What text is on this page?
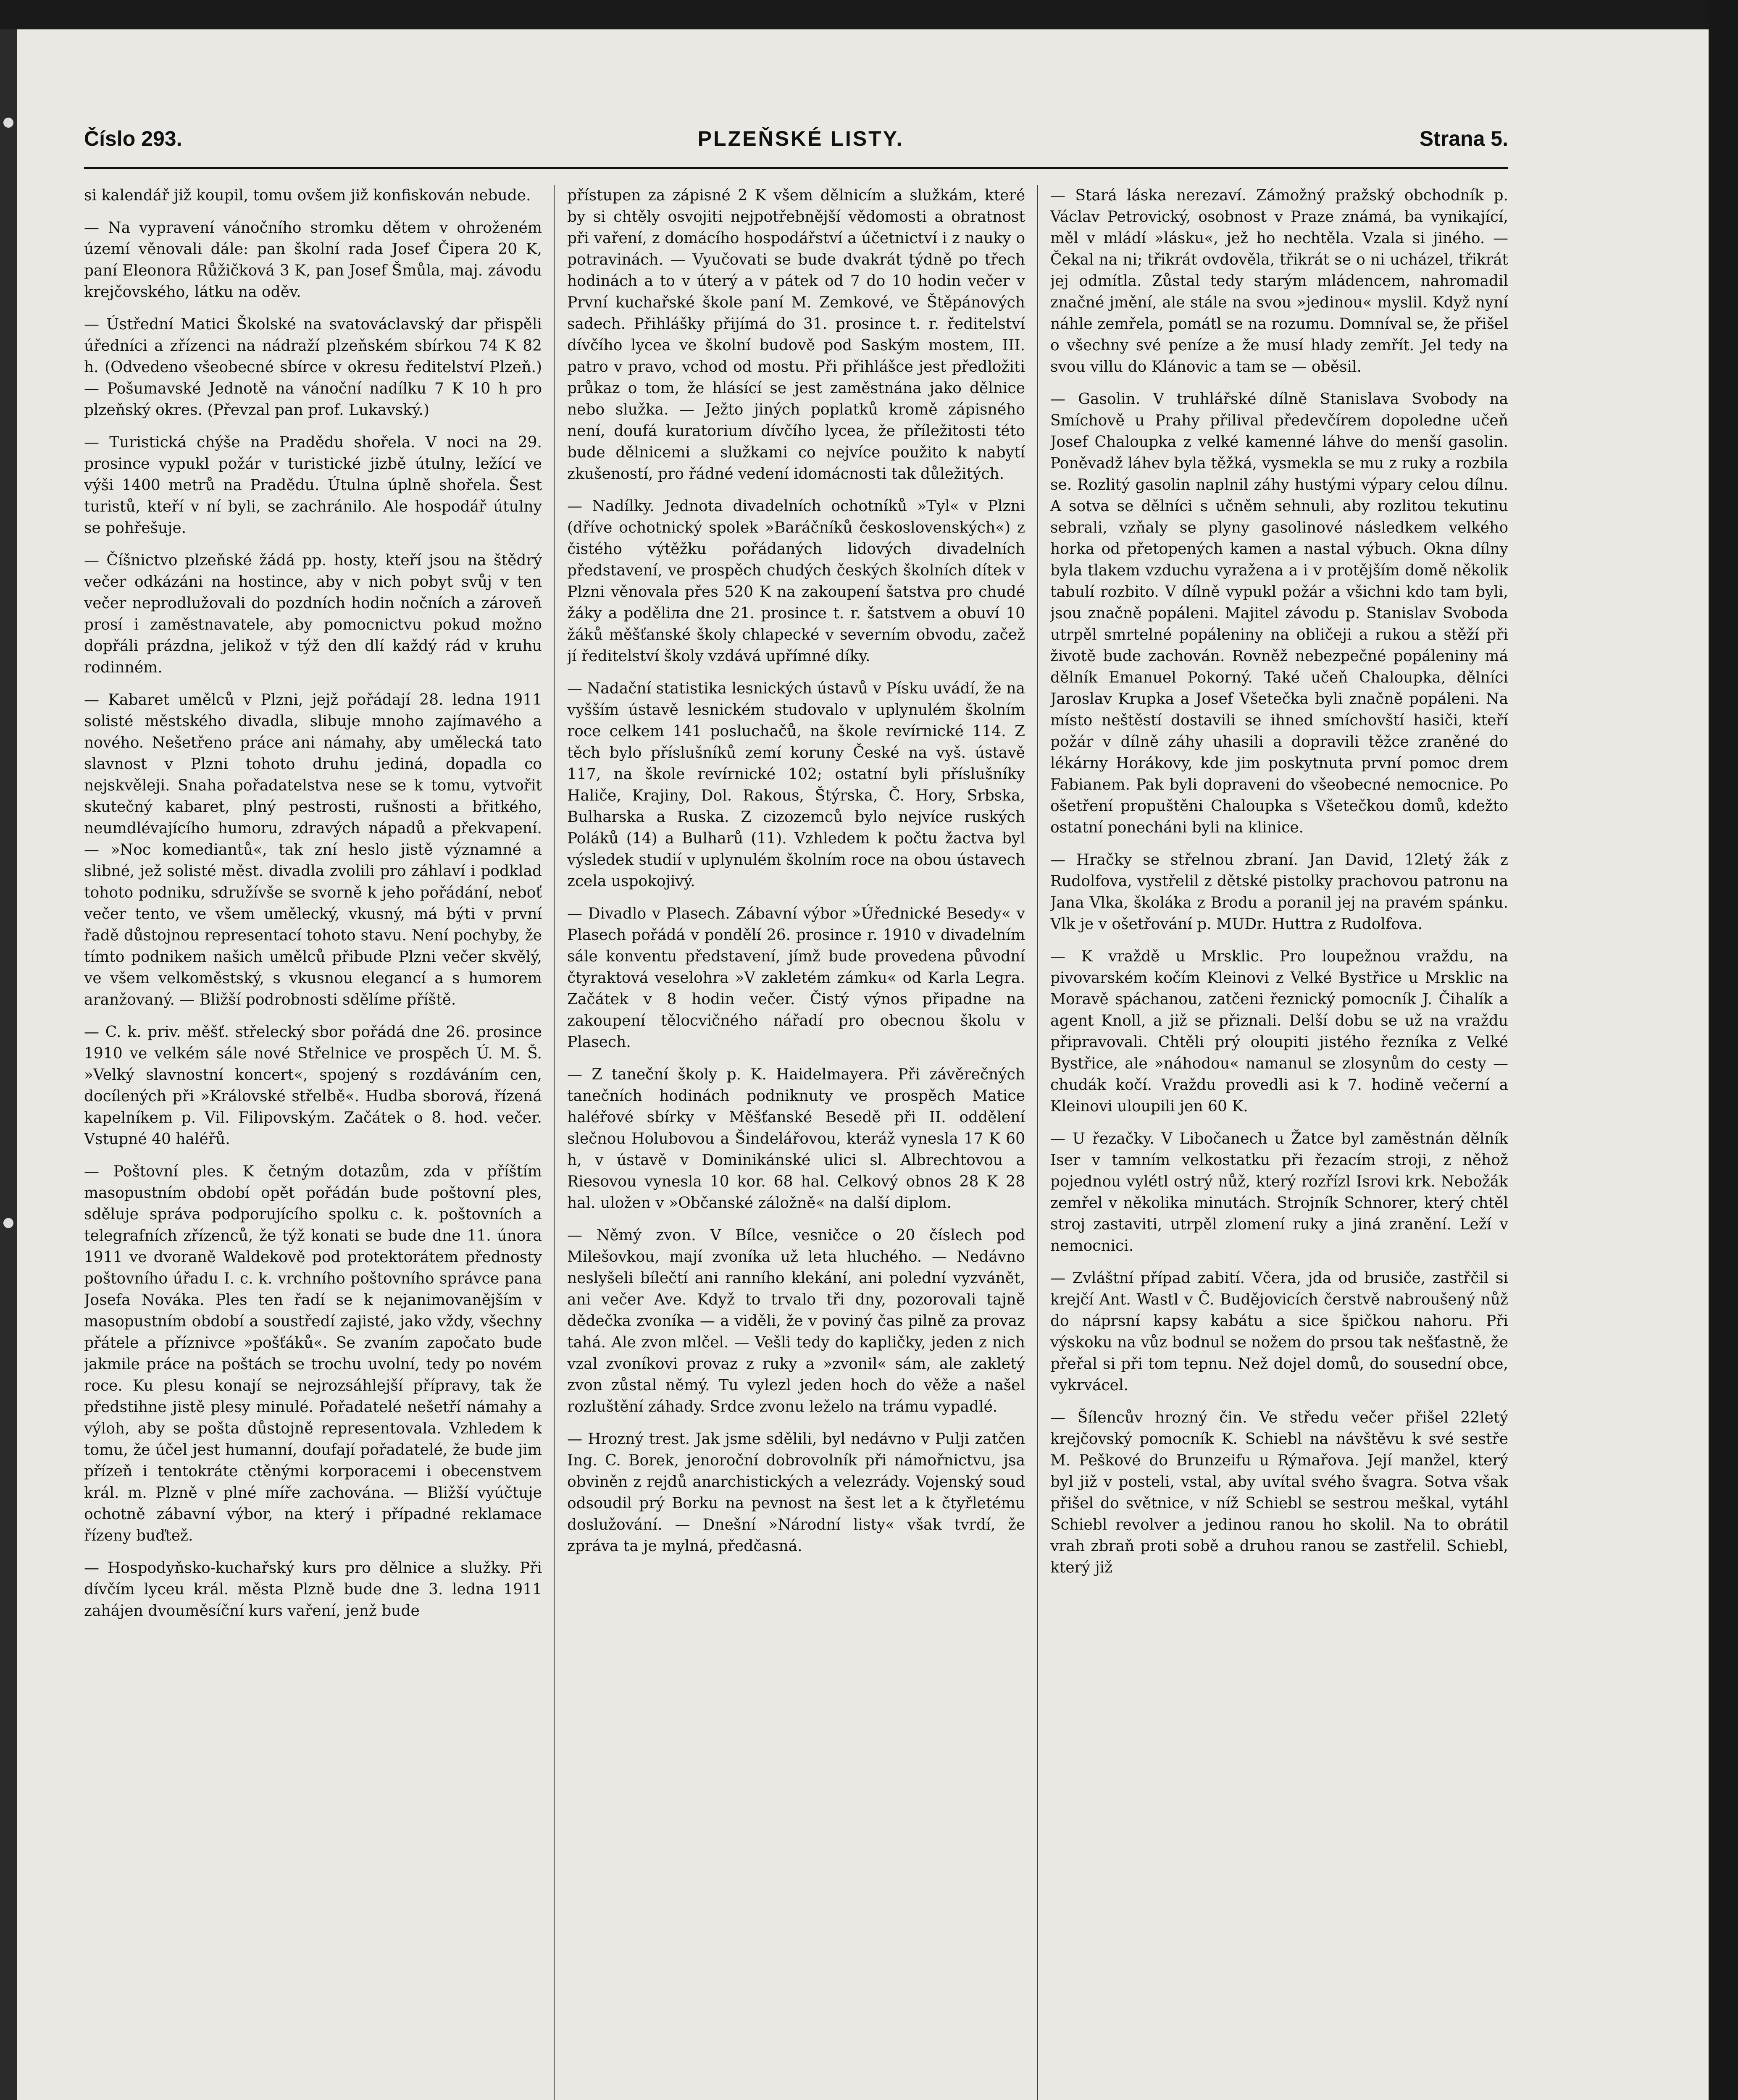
Číslo 293.	PLZEŇSKÉ LISTY.	Strana 5.

si kalendář již koupil, tomu ovšem již konfiskován nebude.

— Na vypravení vánočního stromku dětem v ohroženém území věnovali dále: pan školní rada Josef Čipera 20 K, paní Eleonora Růžičková 3 K, pan Josef Šmůla, maj. závodu krejčovského, látku na oděv.

— Ústřední Matici Školské na svatováclavský dar přispěli úředníci a zřízenci na nádraží plzeňském sbírkou 74 K 82 h. (Odvedeno všeobecné sbírce v okresu ředitelství Plzeň.) — Pošumavské Jednotě na vánoční nadílku 7 K 10 h pro plzeňský okres. (Převzal pan prof. Lukavský.)

— Turistická chýše na Pradědu shořela. V noci na 29. prosince vypukl požár v turistické jizbě útulny, ležící ve výši 1400 metrů na Pradědu. Útulna úplně shořela. Šest turistů, kteří v ní byli, se zachránilo. Ale hospodář útulny se pohřešuje.

— Číšnictvo plzeňské žádá pp. hosty, kteří jsou na štědrý večer odkázáni na hostince, aby v nich pobyt svůj v ten večer neprodlužovali do pozdních hodin nočních a zároveň prosí i zaměstnavatele, aby pomocnictvu pokud možno dopřáli prázdna, jelikož v týž den dlí každý rád v kruhu rodinném.

— Kabaret umělců v Plzni, jejž pořádají 28. ledna 1911 solisté městského divadla, slibuje mnoho zajímavého a nového. Nešetřeno práce ani námahy, aby umělecká tato slavnost v Plzni tohoto druhu jediná, dopadla co nejskvěleji. Snaha pořadatelstva nese se k tomu, vytvořit skutečný kabaret, plný pestrosti, rušnosti a břitkého, neumdlévajícího humoru, zdravých nápadů a překvapení. — »Noc komediantů«, tak zní heslo jistě významné a slibné, jež solisté měst. divadla zvolili pro záhlaví i podklad tohoto podniku, sdružívše se svorně k jeho pořádání, neboť večer tento, ve všem umělecký, vkusný, má býti v první řadě důstojnou representací tohoto stavu. Není pochyby, že tímto podnikem našich umělců přibude Plzni večer skvělý, ve všem velkoměstský, s vkusnou elegancí a s humorem aranžovaný. — Bližší podrobnosti sdělíme příště.

— C. k. priv. měšť. střelecký sbor pořádá dne 26. prosince 1910 ve velkém sále nové Střelnice ve prospěch Ú. M. Š. »Velký slavnostní koncert«, spojený s rozdáváním cen, docílených při »Královské střelbě«. Hudba sborová, řízená kapelníkem p. Vil. Filipovským. Začátek o 8. hod. večer. Vstupné 40 haléřů.

— Poštovní ples. K četným dotazům, zda v příštím masopustním období opět pořádán bude poštovní ples, sděluje správa podporujícího spolku c. k. poštovních a telegrafních zřízenců, že týž konati se bude dne 11. února 1911 ve dvoraně Waldekově pod protektorátem přednosty poštovního úřadu I. c. k. vrchního poštovního správce pana Josefa Nováka. Ples ten řadí se k nejanimovanějším v masopustním období a soustředí zajisté, jako vždy, všechny přátele a příznivce »pošťáků«. Se zvaním započato bude jakmile práce na poštách se trochu uvolní, tedy po novém roce. Ku plesu konají se nejrozsáhlejší přípravy, tak že předstihne jistě plesy minulé. Pořadatelé nešetří námahy a výloh, aby se pošta důstojně representovala. Vzhledem k tomu, že účel jest humanní, doufají pořadatelé, že bude jim přízeň i tentokráte ctěnými korporacemi i obecenstvem král. m. Plzně v plné míře zachována. — Bližší vyúčtuje ochotně zábavní výbor, na který i případné reklamace řízeny buďtež.

— Hospodyňsko-kuchařský kurs pro dělnice a služky. Při dívčím lyceu král. města Plzně bude dne 3. ledna 1911 zahájen dvouměsíční kurs vaření, jenž bude

přístupen za zápisné 2 K všem dělnicím a služkám, které by si chtěly osvojiti nejpotřebnější vědomosti a obratnost při vaření, z domácího hospodářství a účetnictví i z nauky o potravinách. — Vyučovati se bude dvakrát týdně po třech hodinách a to v úterý a v pátek od 7 do 10 hodin večer v První kuchařské škole paní M. Zemkové, ve Štěpánových sadech. Přihlášky přijímá do 31. prosince t. r. ředitelství dívčího lycea ve školní budově pod Saským mostem, III. patro v pravo, vchod od mostu. Při přihlášce jest předložiti průkaz o tom, že hlásící se jest zaměstnána jako dělnice nebo služka. — Ježto jiných poplatků kromě zápisného není, doufá kuratorium dívčího lycea, že příležitosti této bude dělnicemi a služkami co nejvíce použito k nabytí zkušeností, pro řádné vedení idomácnosti tak důležitých.

— Nadílky. Jednota divadelních ochotníků »Tyl« v Plzni (dříve ochotnický spolek »Baráčníků československých«) z čistého výtěžku pořádaných lidových divadelních představení, ve prospěch chudých českých školních dítek v Plzni věnovala přes 520 K na zakoupení šatstva pro chudé žáky a poděliла dne 21. prosince t. r. šatstvem a obuví 10 žáků měšťanské školy chlapecké v severním obvodu, začež jí ředitelství školy vzdává upřímné díky.

— Nadační statistika lesnických ústavů v Písku uvádí, že na vyšším ústavě lesnickém studovalo v uplynulém školním roce celkem 141 posluchačů, na škole revírnické 114. Z těch bylo příslušníků zemí koruny České na vyš. ústavě 117, na škole revírnické 102; ostatní byli příslušníky Haliče, Krajiny, Dol. Rakous, Štýrska, Č. Hory, Srbska, Bulharska a Ruska. Z cizozemců bylo nejvíce ruských Poláků (14) a Bulharů (11). Vzhledem k počtu žactva byl výsledek studií v uplynulém školním roce na obou ústavech zcela uspokojivý.

— Divadlo v Plasech. Zábavní výbor »Úřednické Besedy« v Plasech pořádá v pondělí 26. prosince r. 1910 v divadelním sále konventu představení, jímž bude provedena původní čtyraktová veselohra »V zakletém zámku« od Karla Legra. Začátek v 8 hodin večer. Čistý výnos připadne na zakoupení tělocvičného nářadí pro obecnou školu v Plasech.

— Z taneční školy p. K. Haidelmayera. Při závěrečných tanečních hodinách podniknuty ve prospěch Matice haléřové sbírky v Měšťanské Besedě při II. oddělení slečnou Holubovou a Šindelářovou, kteráž vynesla 17 K 60 h, v ústavě v Dominikánské ulici sl. Albrechtovou a Riesovou vynesla 10 kor. 68 hal. Celkový obnos 28 K 28 hal. uložen v »Občanské záložně« na další diplom.

— Němý zvon. V Bílce, vesničce o 20 číslech pod Milešovkou, mají zvoníka už leta hluchého. — Nedávno neslyšeli bílečtí ani ranního klekání, ani polední vyzvánět, ani večer Ave. Když to trvalo tři dny, pozorovali tajně dědečka zvoníka — a viděli, že v poviný čas pilně za provaz tahá. Ale zvon mlčel. — Vešli tedy do kapličky, jeden z nich vzal zvoníkovi provaz z ruky a »zvonil« sám, ale zakletý zvon zůstal němý. Tu vylezl jeden hoch do věže a našel rozluštění záhady. Srdce zvonu leželo na trámu vypadlé.

— Hrozný trest. Jak jsme sdělili, byl nedávno v Pulji zatčen Ing. C. Borek, jenoroční dobrovolník při námořnictvu, jsa obviněn z rejdů anarchistických a velezrády. Vojenský soud odsoudil prý Borku na pevnost na šest let a k čtyřletému doslužování. — Dnešní »Národní listy« však tvrdí, že zpráva ta je mylná, předčasná.

— Stará láska nerezaví. Zámožný pražský obchodník p. Václav Petrovický, osobnost v Praze známá, ba vynikající, měl v mládí »lásku«, jež ho nechtěla. Vzala si jiného. — Čekal na ni; třikrát ovdověla, třikrát se o ni ucházel, třikrát jej odmítla. Zůstal tedy starým mládencem, nahromadil značné jmění, ale stále na svou »jedinou« myslil. Když nyní náhle zemřela, pomátl se na rozumu. Domníval se, že přišel o všechny své peníze a že musí hlady zemřít. Jel tedy na svou villu do Klánovic a tam se — oběsil.

— Gasolin. V truhlářské dílně Stanislava Svobody na Smíchově u Prahy přilival předevčírem dopoledne učeň Josef Chaloupka z velké kamenné láhve do menší gasolin. Poněvadž láhev byla těžká, vysmekla se mu z ruky a rozbila se. Rozlitý gasolin naplnil záhy hustými výpary celou dílnu. A sotva se dělníci s učněm sehnuli, aby rozlitou tekutinu sebrali, vzňaly se plyny gasolinové následkem velkého horka od přetopených kamen a nastal výbuch. Okna dílny byla tlakem vzduchu vyražena a i v protějším domě několik tabulí rozbito. V dílně vypukl požár a všichni kdo tam byli, jsou značně popáleni. Majitel závodu p. Stanislav Svoboda utrpěl smrtelné popáleniny na obličeji a rukou a stěží při životě bude zachován. Rovněž nebezpečné popáleniny má dělník Emanuel Pokorný. Také učeň Chaloupka, dělníci Jaroslav Krupka a Josef Všetečka byli značně popáleni. Na místo neštěstí dostavili se ihned smíchovští hasiči, kteří požár v dílně záhy uhasili a dopravili těžce zraněné do lékárny Horákovy, kde jim poskytnuta první pomoc drem Fabianem. Pak byli dopraveni do všeobecné nemocnice. Po ošetření propuštěni Chaloupka s Všetečkou domů, kdežto ostatní ponecháni byli na klinice.

— Hračky se střelnou zbraní. Jan David, 12letý žák z Rudolfova, vystřelil z dětské pistolky prachovou patronu na Jana Vlka, školáka z Brodu a poranil jej na pravém spánku. Vlk je v ošetřování p. MUDr. Huttra z Rudolfova.

— K vraždě u Mrsklic. Pro loupežnou vraždu, na pivovarském kočím Kleinovi z Velké Bystřice u Mrsklic na Moravě spáchanou, zatčeni řeznický pomocník J. Čihalík a agent Knoll, a již se přiznali. Delší dobu se už na vraždu připravovali. Chtěli prý oloupiti jistého řezníka z Velké Bystřice, ale »náhodou« namanul se zlosynům do cesty — chudák kočí. Vraždu provedli asi k 7. hodině večerní a Kleinovi uloupili jen 60 K.

— U řezačky. V Libočanech u Žatce byl zaměstnán dělník Iser v tamním velkostatku při řezacím stroji, z něhož pojednou vylétl ostrý nůž, který rozřízl Isrovi krk. Nebožák zemřel v několika minutách. Strojník Schnorer, který chtěl stroj zastaviti, utrpěl zlomení ruky a jiná zranění. Leží v nemocnici.

— Zvláštní případ zabití. Včera, jda od brusiče, zastřčil si krejčí Ant. Wastl v Č. Budějovicích čerstvě nabroušený nůž do náprsní kapsy kabátu a sice špičkou nahoru. Při výskoku na vůz bodnul se nožem do prsou tak nešťastně, že přeřal si při tom tepnu. Než dojel domů, do sousední obce, vykrvácel.

— Šílencův hrozný čin. Ve středu večer přišel 22letý krejčovský pomocník K. Schiebl na návštěvu k své sestře M. Peškové do Brunzeifu u Rýmařova. Její manžel, který byl již v posteli, vstal, aby uvítal svého švagra. Sotva však přišel do světnice, v níž Schiebl se sestrou meškal, vytáhl Schiebl revolver a jedinou ranou ho skolil. Na to obrátil vrah zbraň proti sobě a druhou ranou se zastřelil. Schiebl, který již
